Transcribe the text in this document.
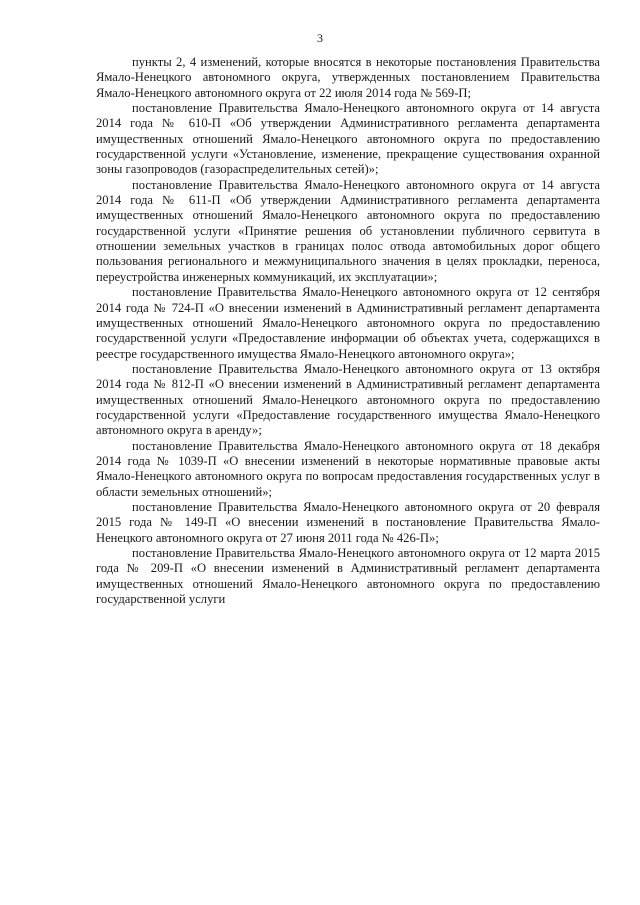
3

пункты 2, 4 изменений, которые вносятся в некоторые постановления Правительства Ямало-Ненецкого автономного округа, утвержденных постановлением Правительства Ямало-Ненецкого автономного округа от 22 июля 2014 года № 569-П;

постановление Правительства Ямало-Ненецкого автономного округа от 14 августа 2014 года № 610-П «Об утверждении Административного регламента департамента имущественных отношений Ямало-Ненецкого автономного округа по предоставлению государственной услуги «Установление, изменение, прекращение существования охранной зоны газопроводов (газораспределительных сетей)»;

постановление Правительства Ямало-Ненецкого автономного округа от 14 августа 2014 года № 611-П «Об утверждении Административного регламента департамента имущественных отношений Ямало-Ненецкого автономного округа по предоставлению государственной услуги «Принятие решения об установлении публичного сервитута в отношении земельных участков в границах полос отвода автомобильных дорог общего пользования регионального и межмуниципального значения в целях прокладки, переноса, переустройства инженерных коммуникаций, их эксплуатации»;

постановление Правительства Ямало-Ненецкого автономного округа от 12 сентября 2014 года № 724-П «О внесении изменений в Административный регламент департамента имущественных отношений Ямало-Ненецкого автономного округа по предоставлению государственной услуги «Предоставление информации об объектах учета, содержащихся в реестре государственного имущества Ямало-Ненецкого автономного округа»;

постановление Правительства Ямало-Ненецкого автономного округа от 13 октября 2014 года № 812-П «О внесении изменений в Административный регламент департамента имущественных отношений Ямало-Ненецкого автономного округа по предоставлению государственной услуги «Предоставление государственного имущества Ямало-Ненецкого автономного округа в аренду»;

постановление Правительства Ямало-Ненецкого автономного округа от 18 декабря 2014 года № 1039-П «О внесении изменений в некоторые нормативные правовые акты Ямало-Ненецкого автономного округа по вопросам предоставления государственных услуг в области земельных отношений»;

постановление Правительства Ямало-Ненецкого автономного округа от 20 февраля 2015 года № 149-П «О внесении изменений в постановление Правительства Ямало-Ненецкого автономного округа от 27 июня 2011 года № 426-П»;

постановление Правительства Ямало-Ненецкого автономного округа от 12 марта 2015 года № 209-П «О внесении изменений в Административный регламент департамента имущественных отношений Ямало-Ненецкого автономного округа по предоставлению государственной услуги
